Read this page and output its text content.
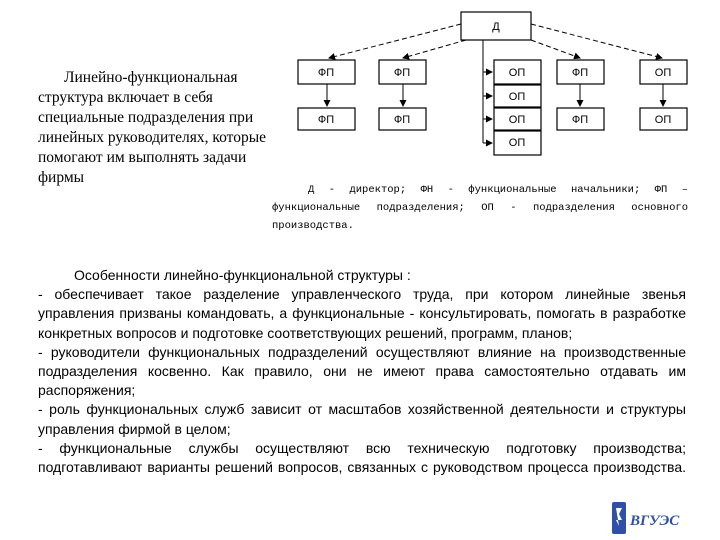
Д
ФП	ФП	ОП	ФП	ОП
ОП
ОП
ФП	ФП	ОП	ФП	ОП

Линейно-функциональная структура включает в себя специальные подразделения при линейных руководителях, которые помогают им выполнять задачи фирмы

Д - директор; ФН - функциональные начальники; ФП – функциональные подразделения; ОП - подразделения основного производства.

Особенности линейно-функциональной структуры :

- обеспечивает такое разделение управленческого труда, при котором линейные звенья управления призваны командовать, а функциональные - консультировать, помогать в разработке конкретных вопросов и подготовке соответствующих решений, программ, планов;

- руководители функциональных подразделений осуществляют влияние на производственные подразделения косвенно. Как правило, они не имеют права самостоятельно отдавать им распоряжения;

- роль функциональных служб зависит от масштабов хозяйственной деятельности и структуры управления фирмой в целом;

- функциональные службы осуществляют всю техническую подготовку производства; подготавливают варианты решений вопросов, связанных с руководством процесса производства.

ВГУЭС
